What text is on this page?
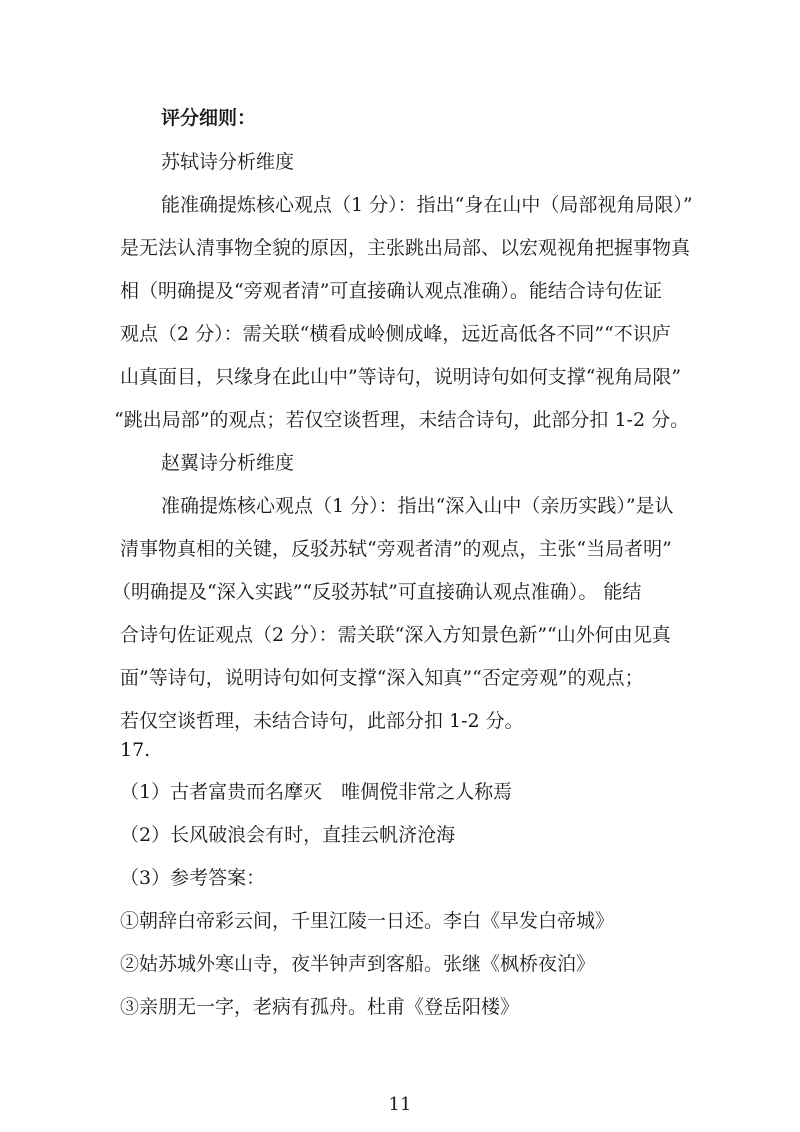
评分细则：
苏轼诗分析维度
能准确提炼核心观点（1 分）：指出“身在山中（局部视角局限）”
是无法认清事物全貌的原因，主张跳出局部、以宏观视角把握事物真
相（明确提及“旁观者清”可直接确认观点准确）。能结合诗句佐证
观点（2 分）：需关联“横看成岭侧成峰，远近高低各不同”“不识庐
山真面目，只缘身在此山中”等诗句，说明诗句如何支撑“视角局限”
“跳出局部”的观点；若仅空谈哲理，未结合诗句，此部分扣 1-2 分。
赵翼诗分析维度
准确提炼核心观点（1 分）：指出“深入山中（亲历实践）”是认
清事物真相的关键，反驳苏轼“旁观者清”的观点，主张“当局者明”
（明确提及“深入实践”“反驳苏轼”可直接确认观点准确）。 能结
合诗句佐证观点（2 分）：需关联“深入方知景色新”“山外何由见真
面”等诗句，说明诗句如何支撑“深入知真”“否定旁观”的观点；
若仅空谈哲理，未结合诗句，此部分扣 1-2 分。
17.
（1）古者富贵而名摩灭　唯倜傥非常之人称焉
（2）长风破浪会有时，直挂云帆济沧海
（3）参考答案：
①朝辞白帝彩云间，千里江陵一日还。李白《早发白帝城》
②姑苏城外寒山寺，夜半钟声到客船。张继《枫桥夜泊》
③亲朋无一字，老病有孤舟。杜甫《登岳阳楼》
11
